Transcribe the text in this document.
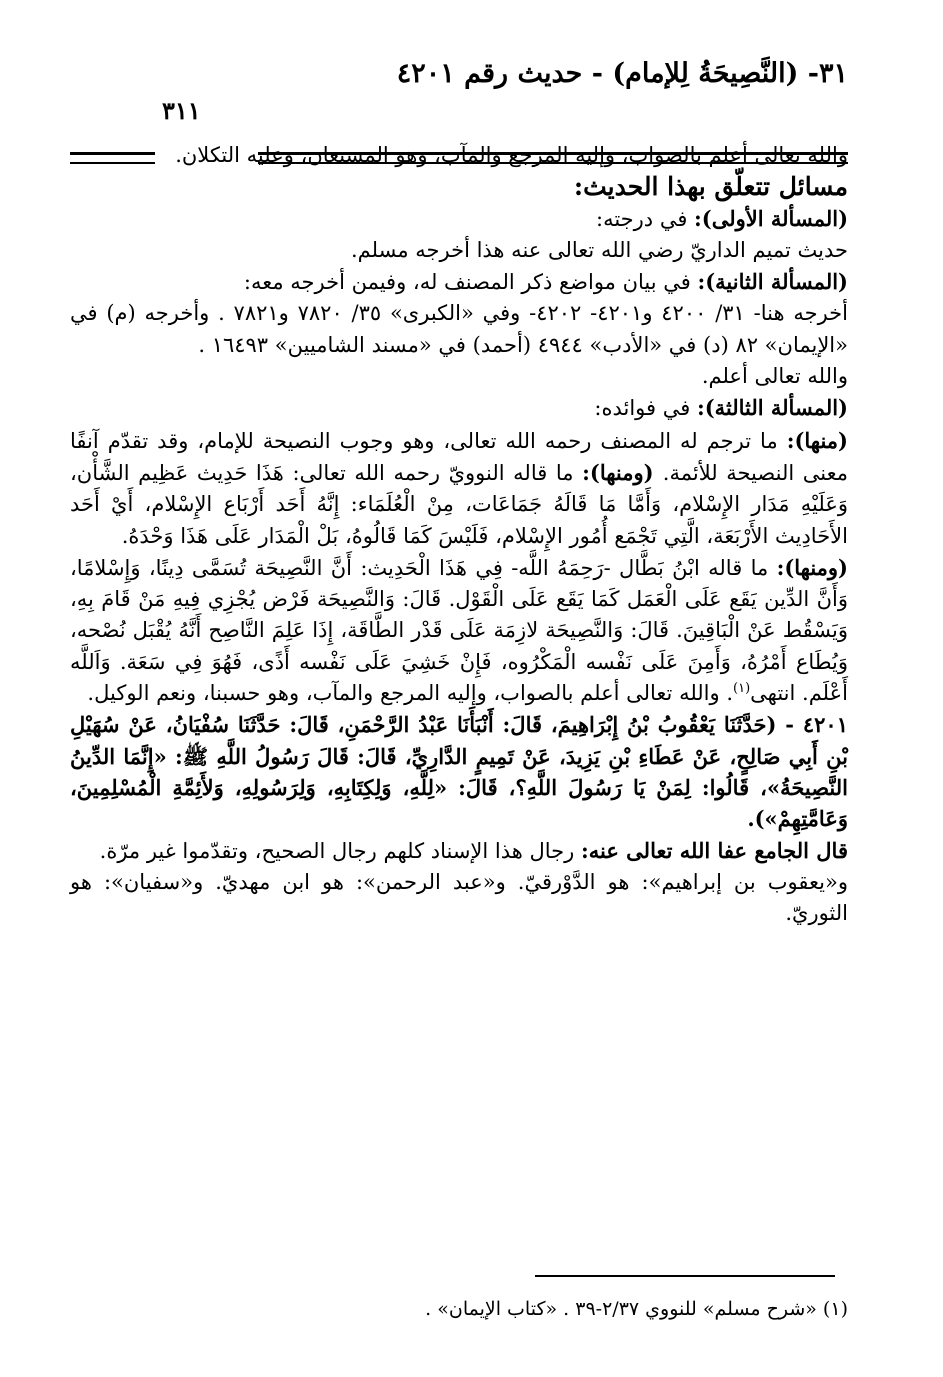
٣١- (النَّصِيحَةُ لِلإمام) - حديث رقم ٤٢٠١
٣١١

والله تعالى أعلم بالصواب، وإليه المرجع والمآب، وهو المستعان، وعليه التكلان.

مسائل تتعلّق بهذا الحديث:

(المسألة الأولى): في درجته:

حديث تميم الداريّ رضي الله تعالى عنه هذا أخرجه مسلم.

(المسألة الثانية): في بيان مواضع ذكر المصنف له، وفيمن أخرجه معه:

أخرجه هنا- ٣١/ ٤٢٠٠ و٤٢٠١- ٤٢٠٢- وفي «الكبرى» ٣٥/ ٧٨٢٠ و٧٨٢١ . وأخرجه (م) في «الإيمان» ٨٢ (د) في «الأدب» ٤٩٤٤ (أحمد) في «مسند الشاميين» ١٦٤٩٣ .

والله تعالى أعلم.

(المسألة الثالثة): في فوائده:

(منها): ما ترجم له المصنف رحمه الله تعالى، وهو وجوب النصيحة للإمام، وقد تقدّم آنفًا معنى النصيحة للأئمة. (ومنها): ما قاله النوويّ رحمه الله تعالى: هَذَا حَدِيث عَظِيم الشَّأْن، وَعَلَيْهِ مَدَار الإِسْلام، وَأَمَّا مَا قَالَهُ جَمَاعَات، مِنْ الْعُلَمَاء: إِنَّهُ أَحَد أَرْبَاع الإِسْلام، أَيْ أَحَد الأَحَادِيث الأَرْبَعَة، الَّتِي تَجْمَع أُمُور الإِسْلام، فَلَيْسَ كَمَا قَالُوهُ، بَلْ الْمَدَار عَلَى هَذَا وَحْدَهُ.

(ومنها): ما قاله ابْنُ بَطَّال -رَحِمَهُ اللَّه- فِي هَذَا الْحَدِيث: أَنَّ النَّصِيحَة تُسَمَّى دِينًا، وَإِسْلامًا، وَأَنَّ الدِّين يَقَع عَلَى الْعَمَل كَمَا يَقَع عَلَى الْقَوْل. قَالَ: وَالنَّصِيحَة فَرْض يُجْزِي فِيهِ مَنْ قَامَ بِهِ، وَيَسْقُط عَنْ الْبَاقِينَ. قَالَ: وَالنَّصِيحَة لازِمَة عَلَى قَدْر الطَّاقَة، إِذَا عَلِمَ النَّاصِح أَنَّهُ يُقْبَل نُصْحه، وَيُطَاع أَمْرُهُ، وَأَمِنَ عَلَى نَفْسه الْمَكْرُوه، فَإِنْ خَشِيَ عَلَى نَفْسه أَذًى، فَهُوَ فِي سَعَة. وَاَللَّه أَعْلَم. انتهى$^{(١)}$. والله تعالى أعلم بالصواب، وإليه المرجع والمآب، وهو حسبنا، ونعم الوكيل.

٤٢٠١ - (حَدَّثَنَا يَعْقُوبُ بْنُ إِبْرَاهِيمَ، قَالَ: أَنْبَأَنَا عَبْدُ الرَّحْمَنِ، قَالَ: حَدَّثَنَا سُفْيَانُ، عَنْ سُهَيْلِ بْنِ أَبِي صَالِحٍ، عَنْ عَطَاءِ بْنِ يَزِيدَ، عَنْ تَمِيمٍ الدَّارِيِّ، قَالَ: قَالَ رَسُولُ اللَّهِ ﷺ: «إِنَّمَا الدِّينُ النَّصِيحَةُ»، قَالُوا: لِمَنْ يَا رَسُولَ اللَّهِ؟، قَالَ: «لِلَّهِ، وَلِكِتَابِهِ، وَلِرَسُولِهِ، وَلأَئِمَّةِ الْمُسْلِمِينَ، وَعَامَّتِهِمْ»).

قال الجامع عفا الله تعالى عنه: رجال هذا الإسناد كلهم رجال الصحيح، وتقدّموا غير مرّة.

و«يعقوب بن إبراهيم»: هو الدَّوْرقيّ. و«عبد الرحمن»: هو ابن مهديّ. و«سفيان»: هو الثوريّ.

(١) «شرح مسلم» للنووي ٢/٣٧-٣٩ . «كتاب الإيمان» .
